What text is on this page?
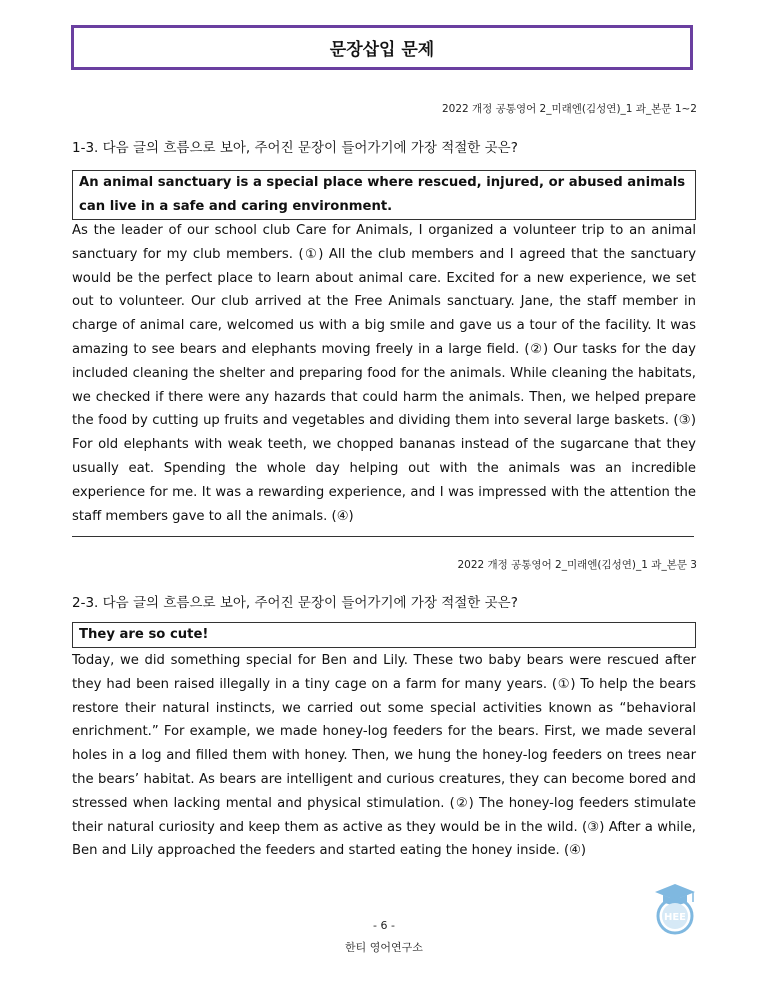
문장삽입 문제
2022 개정 공통영어 2_미래엔(김성연)_1 과_본문 1~2
1-3. 다음 글의 흐름으로 보아, 주어진 문장이 들어가기에 가장 적절한 곳은?
An animal sanctuary is a special place where rescued, injured, or abused animals can live in a safe and caring environment.

As the leader of our school club Care for Animals, I organized a volunteer trip to an animal sanctuary for my club members. (①) All the club members and I agreed that the sanctuary would be the perfect place to learn about animal care. Excited for a new experience, we set out to volunteer. Our club arrived at the Free Animals sanctuary. Jane, the staff member in charge of animal care, welcomed us with a big smile and gave us a tour of the facility. It was amazing to see bears and elephants moving freely in a large field. (②) Our tasks for the day included cleaning the shelter and preparing food for the animals. While cleaning the habitats, we checked if there were any hazards that could harm the animals. Then, we helped prepare the food by cutting up fruits and vegetables and dividing them into several large baskets. (③) For old elephants with weak teeth, we chopped bananas instead of the sugarcane that they usually eat. Spending the whole day helping out with the animals was an incredible experience for me. It was a rewarding experience, and I was impressed with the attention the staff members gave to all the animals. (④)

2022 개정 공통영어 2_미래엔(김성연)_1 과_본문 3
2-3. 다음 글의 흐름으로 보아, 주어진 문장이 들어가기에 가장 적절한 곳은?
They are so cute!

Today, we did something special for Ben and Lily. These two baby bears were rescued after they had been raised illegally in a tiny cage on a farm for many years. (①) To help the bears restore their natural instincts, we carried out some special activities known as “behavioral enrichment.” For example, we made honey-log feeders for the bears. First, we made several holes in a log and filled them with honey. Then, we hung the honey-log feeders on trees near the bears’ habitat. As bears are intelligent and curious creatures, they can become bored and stressed when lacking mental and physical stimulation. (②) The honey-log feeders stimulate their natural curiosity and keep them as active as they would be in the wild. (③) After a while, Ben and Lily approached the feeders and started eating the honey inside. (④)

HEE
- 6 -
한티 영어연구소
